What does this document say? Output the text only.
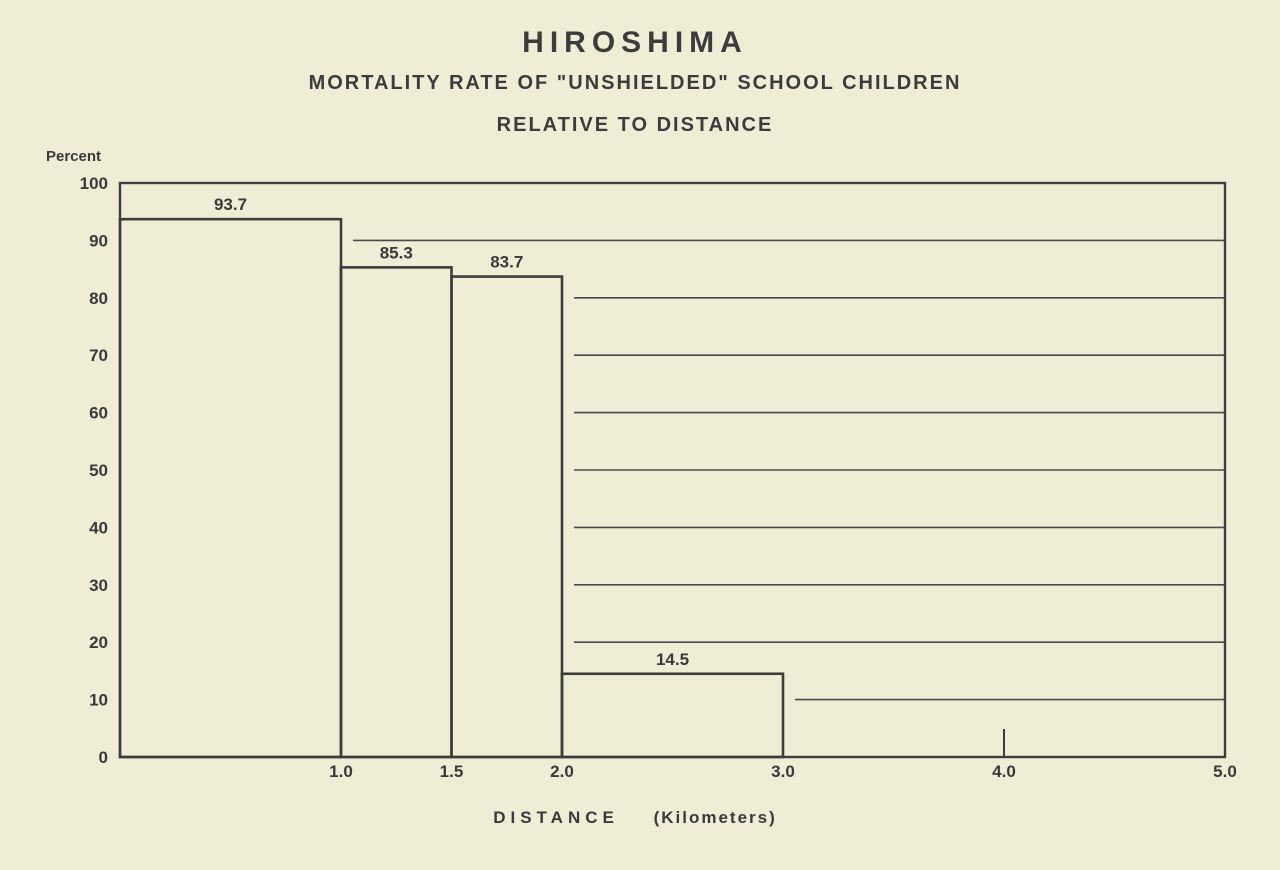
HIROSHIMA
MORTALITY RATE OF "UNSHIELDED" SCHOOL CHILDREN
RELATIVE TO DISTANCE
Percent
93.7
85.3	83.7
14.5
0
10
20
30
40
50
60
70
80
90
100
1.0	1.5	2.0	3.0	4.0	5.0
DISTANCE (Kilometers)
